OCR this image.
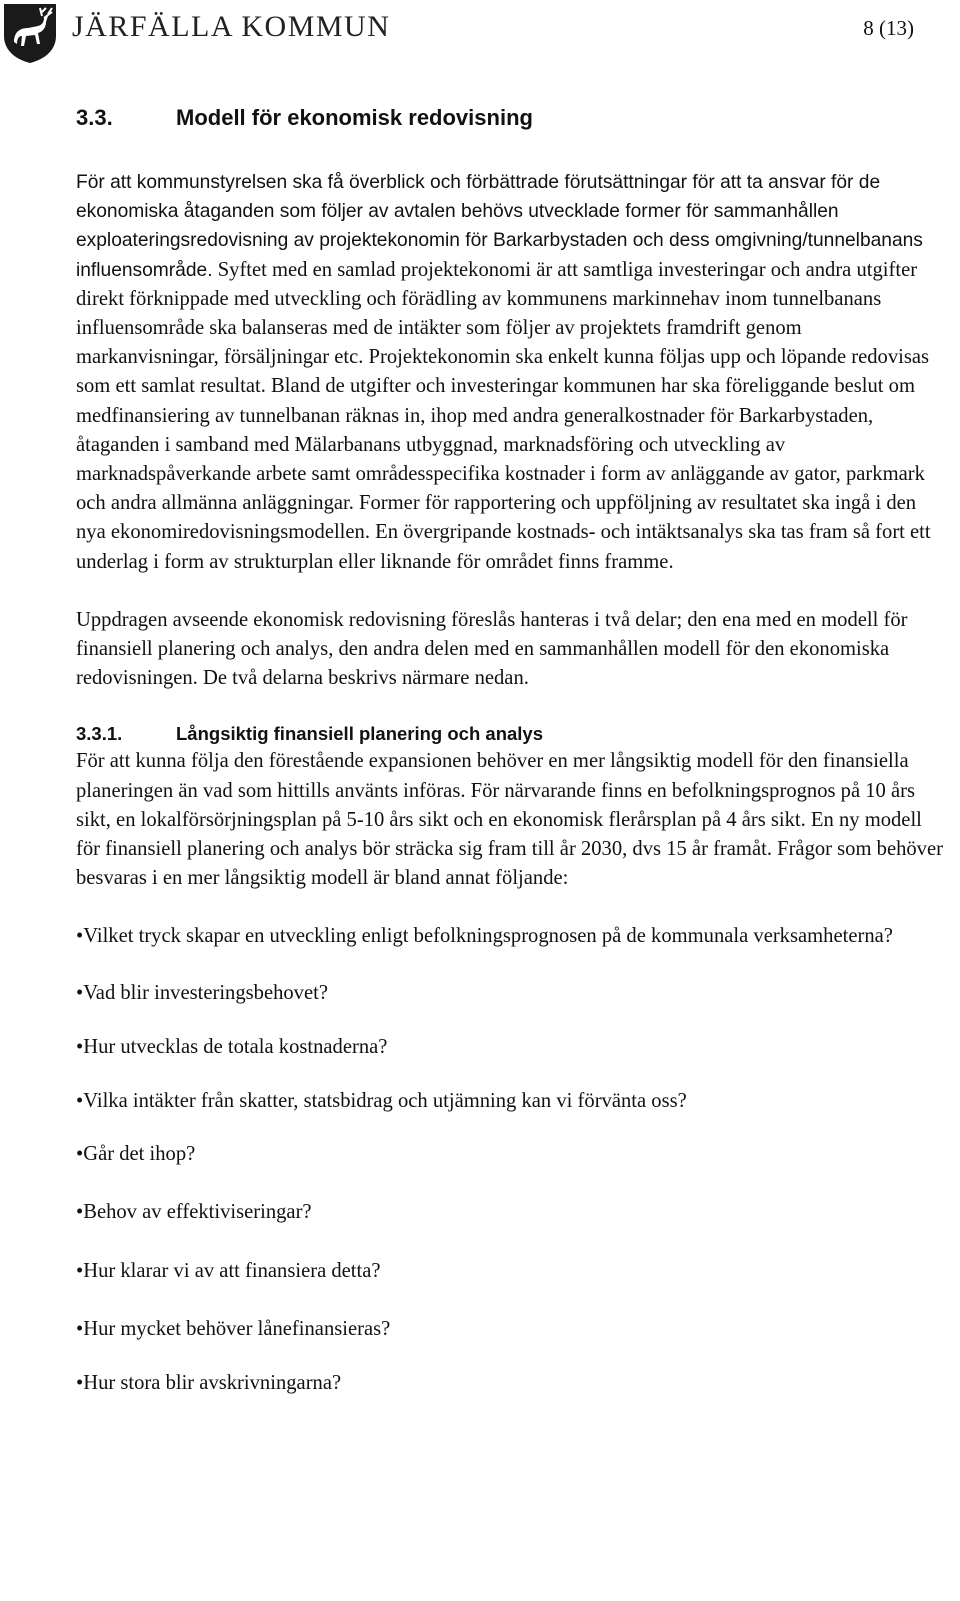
JÄRFÄLLA KOMMUN	8 (13)
3.3.	Modell för ekonomisk redovisning

För att kommunstyrelsen ska få överblick och förbättrade förutsättningar för att ta ansvar för de ekonomiska åtaganden som följer av avtalen behövs utvecklade former för sammanhållen exploateringsredovisning av projektekonomin för Barkarbystaden och dess omgivning/tunnelbanans influensområde. Syftet med en samlad projektekonomi är att samtliga investeringar och andra utgifter direkt förknippade med utveckling och förädling av kommunens markinnehav inom tunnelbanans influensområde ska balanseras med de intäkter som följer av projektets framdrift genom markanvisningar, försäljningar etc. Projektekonomin ska enkelt kunna följas upp och löpande redovisas som ett samlat resultat. Bland de utgifter och investeringar kommunen har ska föreliggande beslut om medfinansiering av tunnelbanan räknas in, ihop med andra generalkostnader för Barkarbystaden, åtaganden i samband med Mälarbanans utbyggnad, marknadsföring och utveckling av marknadspåverkande arbete samt områdesspecifika kostnader i form av anläggande av gator, parkmark och andra allmänna anläggningar. Former för rapportering och uppföljning av resultatet ska ingå i den nya ekonomiredovisningsmodellen. En övergripande kostnads- och intäktsanalys ska tas fram så fort ett underlag i form av strukturplan eller liknande för området finns framme.

Uppdragen avseende ekonomisk redovisning föreslås hanteras i två delar; den ena med en modell för finansiell planering och analys, den andra delen med en sammanhållen modell för den ekonomiska redovisningen. De två delarna beskrivs närmare nedan.

3.3.1.	Långsiktig finansiell planering och analys

För att kunna följa den förestående expansionen behöver en mer långsiktig modell för den finansiella planeringen än vad som hittills använts införas. För närvarande finns en befolkningsprognos på 10 års sikt, en lokalförsörjningsplan på 5-10 års sikt och en ekonomisk flerårsplan på 4 års sikt. En ny modell för finansiell planering och analys bör sträcka sig fram till år 2030, dvs 15 år framåt. Frågor som behöver besvaras i en mer långsiktig modell är bland annat följande:

•Vilket tryck skapar en utveckling enligt befolkningsprognosen på de kommunala verksamheterna?
•Vad blir investeringsbehovet?
•Hur utvecklas de totala kostnaderna?
•Vilka intäkter från skatter, statsbidrag och utjämning kan vi förvänta oss?
•Går det ihop?
•Behov av effektiviseringar?
•Hur klarar vi av att finansiera detta?
•Hur mycket behöver lånefinansieras?
•Hur stora blir avskrivningarna?
